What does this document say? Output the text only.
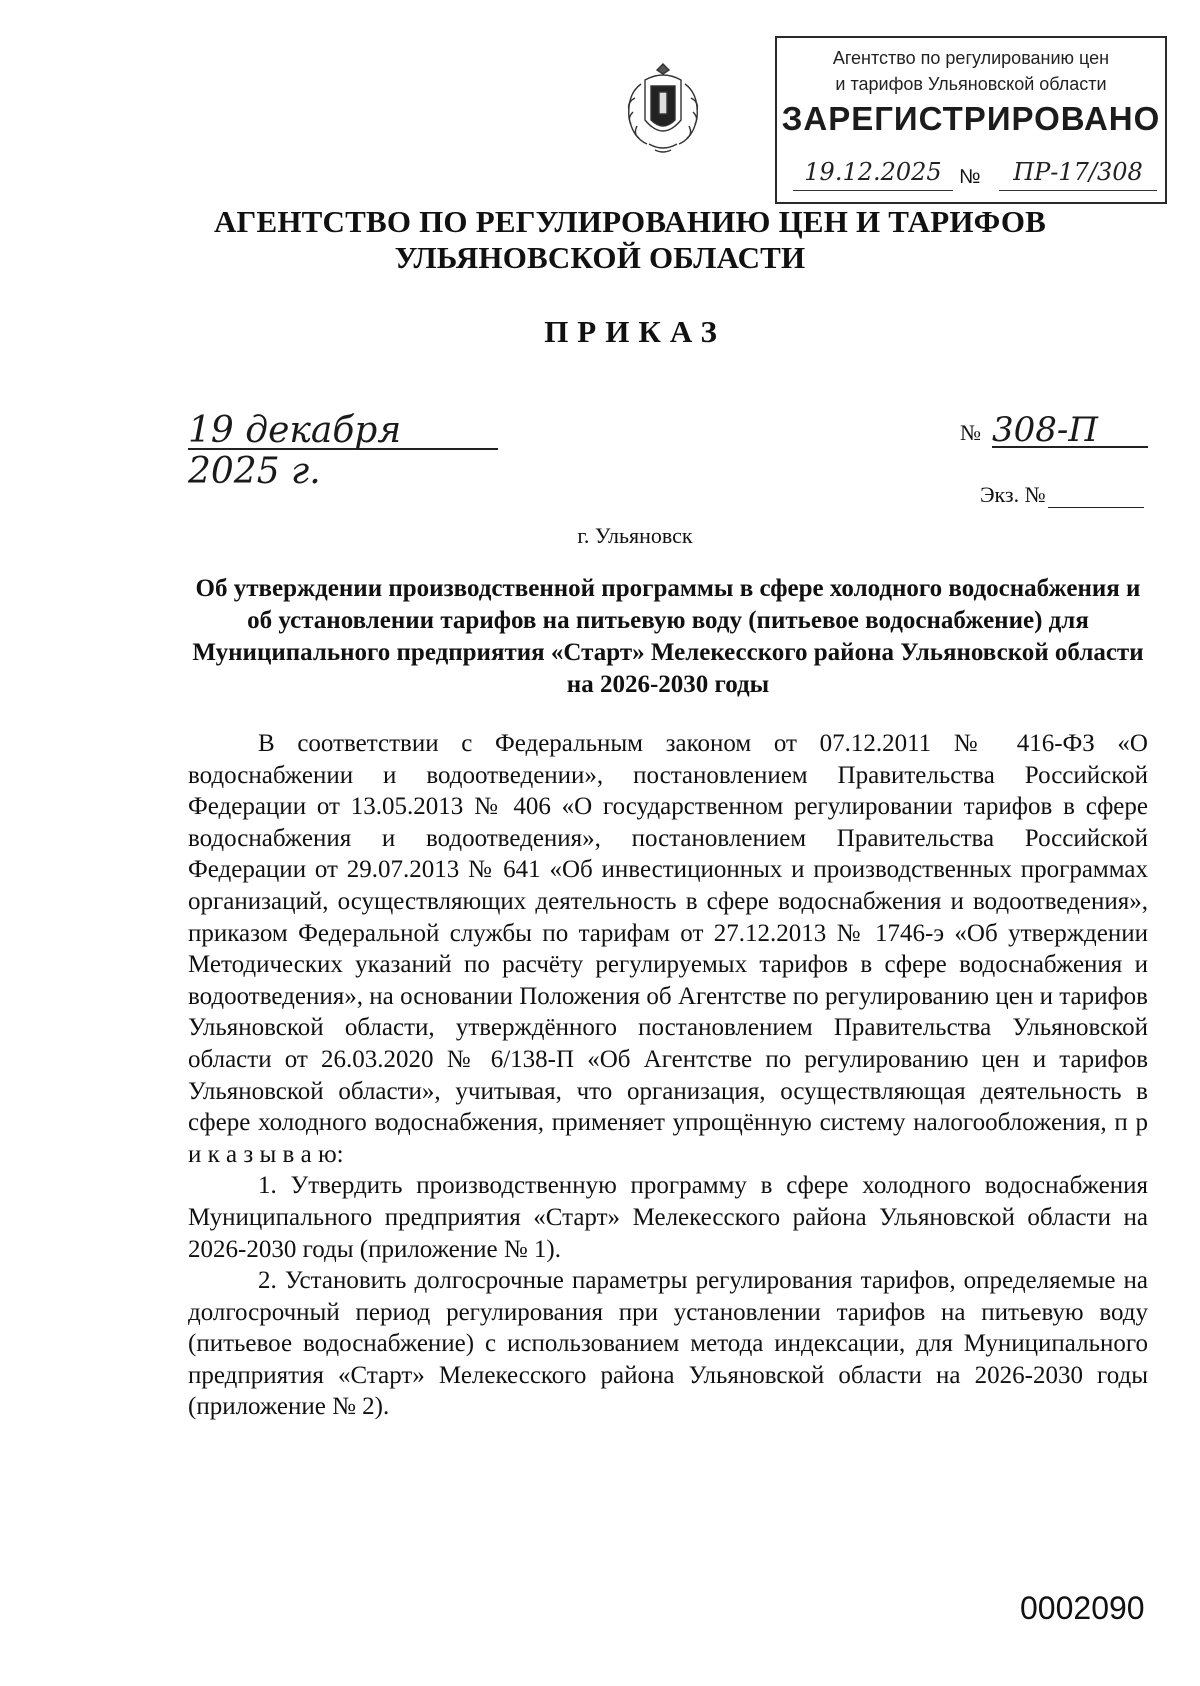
Агентство по регулированию цен
и тарифов Ульяновской области
ЗАРЕГИСТРИРОВАНО
19.12.2025 №	ПР-17/308
АГЕНТСТВО ПО РЕГУЛИРОВАНИЮ ЦЕН И ТАРИФОВ
УЛЬЯНОВСКОЙ ОБЛАСТИ
ПРИКАЗ
19 декабря 2025 г.
№ 308-П
Экз. №
г. Ульяновск
Об утверждении производственной программы в сфере холодного водоснабжения и об установлении тарифов на питьевую воду (питьевое водоснабжение) для Муниципального предприятия «Старт» Мелекесского района Ульяновской области на 2026-2030 годы

В соответствии с Федеральным законом от 07.12.2011 № 416-ФЗ «О водоснабжении и водоотведении», постановлением Правительства Российской Федерации от 13.05.2013 № 406 «О государственном регулировании тарифов в сфере водоснабжения и водоотведения», постановлением Правительства Российской Федерации от 29.07.2013 № 641 «Об инвестиционных и производственных программах организаций, осуществляющих деятельность в сфере водоснабжения и водоотведения», приказом Федеральной службы по тарифам от 27.12.2013 № 1746-э «Об утверждении Методических указаний по расчёту регулируемых тарифов в сфере водоснабжения и водоотведения», на основании Положения об Агентстве по регулированию цен и тарифов Ульяновской области, утверждённого постановлением Правительства Ульяновской области от 26.03.2020 № 6/138-П «Об Агентстве по регулированию цен и тарифов Ульяновской области», учитывая, что организация, осуществляющая деятельность в сфере холодного водоснабжения, применяет упрощённую систему налогообложения, п р и к а з ы в а ю:

1. Утвердить производственную программу в сфере холодного водоснабжения Муниципального предприятия «Старт» Мелекесского района Ульяновской области на 2026-2030 годы (приложение № 1).

2. Установить долгосрочные параметры регулирования тарифов, определяемые на долгосрочный период регулирования при установлении тарифов на питьевую воду (питьевое водоснабжение) с использованием метода индексации, для Муниципального предприятия «Старт» Мелекесского района Ульяновской области на 2026-2030 годы (приложение № 2).

0002090
